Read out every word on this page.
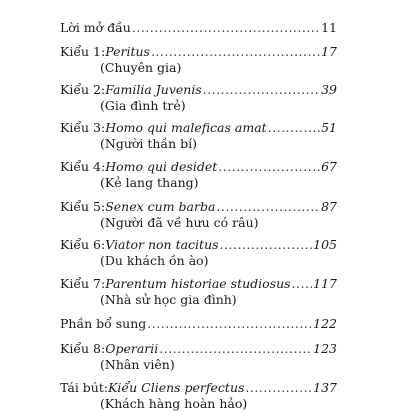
Lời mở đầu .....	11
Kiểu 1: Peritus .....	17
(Chuyên gia)
Kiểu 2: Familia Juvenis .....	39
(Gia đình trẻ)
Kiểu 3: Homo qui maleficas amat .....	51
(Người thần bí)
Kiểu 4: Homo qui desidet .....	67
(Kẻ lang thang)
Kiểu 5: Senex cum barba .....	87
(Người đã về hưu có râu)
Kiểu 6: Viator non tacitus .....	105
(Du khách ồn ào)
Kiểu 7: Parentum historiae studiosus ..... 117
(Nhà sử học gia đình)
Phần bổ sung .....	122
Kiểu 8: Operarii .....	123
(Nhân viên)
Tái bút: Kiểu Cliens perfectus .....	137
(Khách hàng hoàn hảo)
